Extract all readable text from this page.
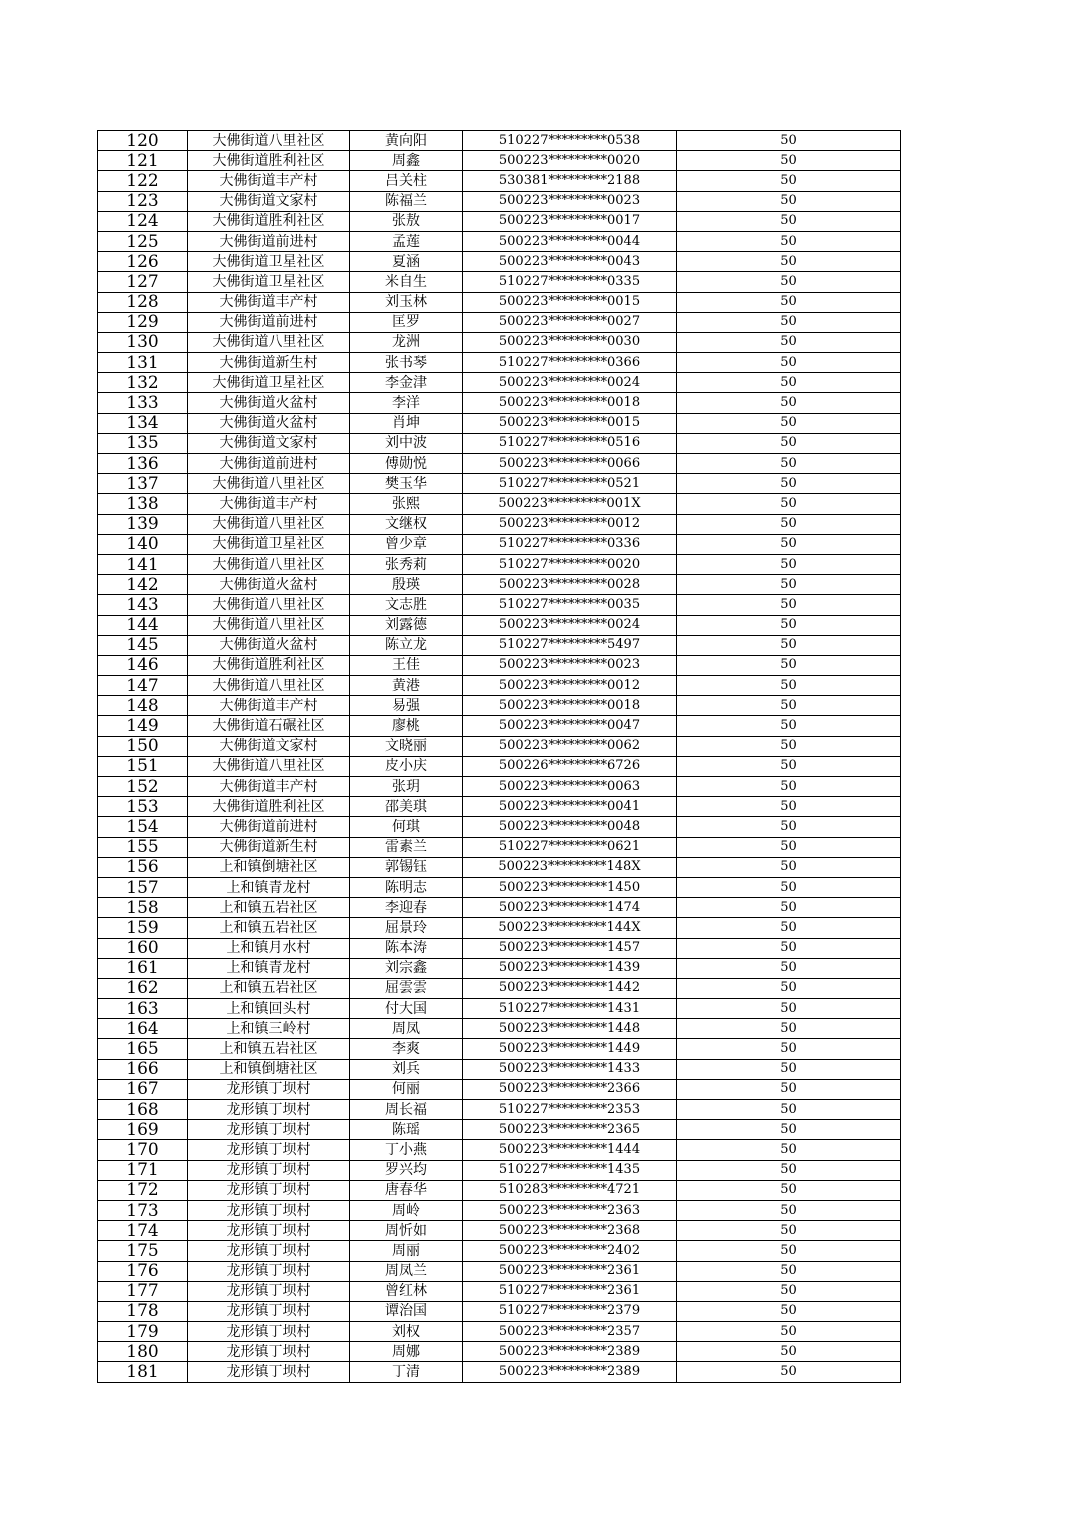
120	大佛街道八里社区	黄向阳	510227*********0538	50
121	大佛街道胜利社区	周鑫	500223*********0020	50
122	大佛街道丰产村	吕关柱	530381*********2188	50
123	大佛街道文家村	陈福兰	500223*********0023	50
124	大佛街道胜利社区	张敖	500223*********0017	50
125	大佛街道前进村	孟莲	500223*********0044	50
126	大佛街道卫星社区	夏涵	500223*********0043	50
127	大佛街道卫星社区	米自生	510227*********0335	50
128	大佛街道丰产村	刘玉林	500223*********0015	50
129	大佛街道前进村	匡罗	500223*********0027	50
130	大佛街道八里社区	龙洲	500223*********0030	50
131	大佛街道新生村	张书琴	510227*********0366	50
132	大佛街道卫星社区	李金津	500223*********0024	50
133	大佛街道火盆村	李洋	500223*********0018	50
134	大佛街道火盆村	肖坤	500223*********0015	50
135	大佛街道文家村	刘中波	510227*********0516	50
136	大佛街道前进村	傅勋悦	500223*********0066	50
137	大佛街道八里社区	樊玉华	510227*********0521	50
138	大佛街道丰产村	张熙	500223*********001X	50
139	大佛街道八里社区	文继权	500223*********0012	50
140	大佛街道卫星社区	曾少章	510227*********0336	50
141	大佛街道八里社区	张秀莉	510227*********0020	50
142	大佛街道火盆村	殷瑛	500223*********0028	50
143	大佛街道八里社区	文志胜	510227*********0035	50
144	大佛街道八里社区	刘露德	500223*********0024	50
145	大佛街道火盆村	陈立龙	510227*********5497	50
146	大佛街道胜利社区	王佳	500223*********0023	50
147	大佛街道八里社区	黄港	500223*********0012	50
148	大佛街道丰产村	易强	500223*********0018	50
149	大佛街道石碾社区	廖桃	500223*********0047	50
150	大佛街道文家村	文晓丽	500223*********0062	50
151	大佛街道八里社区	皮小庆	500226*********6726	50
152	大佛街道丰产村	张玥	500223*********0063	50
153	大佛街道胜利社区	邵美琪	500223*********0041	50
154	大佛街道前进村	何琪	500223*********0048	50
155	大佛街道新生村	雷素兰	510227*********0621	50
156	上和镇倒塘社区	郭锡钰	500223*********148X	50
157	上和镇青龙村	陈明志	500223*********1450	50
158	上和镇五岩社区	李迎春	500223*********1474	50
159	上和镇五岩社区	屈景玲	500223*********144X	50
160	上和镇月水村	陈本涛	500223*********1457	50
161	上和镇青龙村	刘宗鑫	500223*********1439	50
162	上和镇五岩社区	屈雲雲	500223*********1442	50
163	上和镇回头村	付大国	510227*********1431	50
164	上和镇三岭村	周凤	500223*********1448	50
165	上和镇五岩社区	李爽	500223*********1449	50
166	上和镇倒塘社区	刘兵	500223*********1433	50
167	龙形镇丁坝村	何丽	500223*********2366	50
168	龙形镇丁坝村	周长福	510227*********2353	50
169	龙形镇丁坝村	陈瑶	500223*********2365	50
170	龙形镇丁坝村	丁小燕	500223*********1444	50
171	龙形镇丁坝村	罗兴均	510227*********1435	50
172	龙形镇丁坝村	唐春华	510283*********4721	50
173	龙形镇丁坝村	周岭	500223*********2363	50
174	龙形镇丁坝村	周忻如	500223*********2368	50
175	龙形镇丁坝村	周丽	500223*********2402	50
176	龙形镇丁坝村	周凤兰	500223*********2361	50
177	龙形镇丁坝村	曾红林	510227*********2361	50
178	龙形镇丁坝村	谭治国	510227*********2379	50
179	龙形镇丁坝村	刘权	500223*********2357	50
180	龙形镇丁坝村	周娜	500223*********2389	50
181	龙形镇丁坝村	丁清	500223*********2389	50
